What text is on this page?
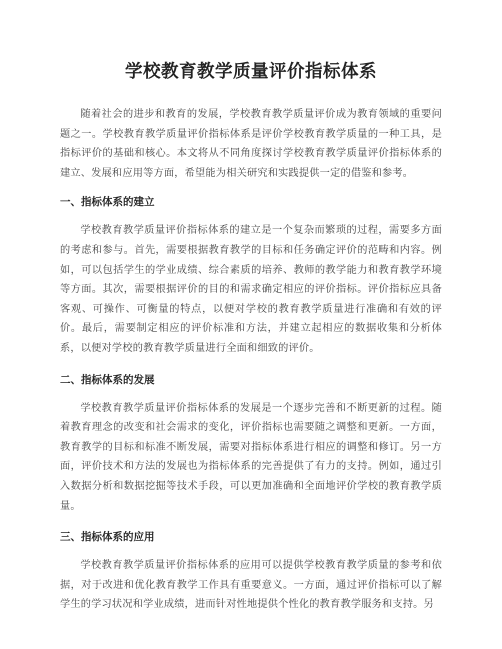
学校教育教学质量评价指标体系

随着社会的进步和教育的发展，学校教育教学质量评价成为教育领域的重要问题之一。学校教育教学质量评价指标体系是评价学校教育教学质量的一种工具，是指标评价的基础和核心。本文将从不同角度探讨学校教育教学质量评价指标体系的建立、发展和应用等方面，希望能为相关研究和实践提供一定的借鉴和参考。

一、指标体系的建立

学校教育教学质量评价指标体系的建立是一个复杂而繁琐的过程，需要多方面的考虑和参与。首先，需要根据教育教学的目标和任务确定评价的范畴和内容。例如，可以包括学生的学业成绩、综合素质的培养、教师的教学能力和教育教学环境等方面。其次，需要根据评价的目的和需求确定相应的评价指标。评价指标应具备客观、可操作、可衡量的特点，以便对学校的教育教学质量进行准确和有效的评价。最后，需要制定相应的评价标准和方法，并建立起相应的数据收集和分析体系，以便对学校的教育教学质量进行全面和细致的评价。

二、指标体系的发展

学校教育教学质量评价指标体系的发展是一个逐步完善和不断更新的过程。随着教育理念的改变和社会需求的变化，评价指标也需要随之调整和更新。一方面，教育教学的目标和标准不断发展，需要对指标体系进行相应的调整和修订。另一方面，评价技术和方法的发展也为指标体系的完善提供了有力的支持。例如，通过引入数据分析和数据挖掘等技术手段，可以更加准确和全面地评价学校的教育教学质量。

三、指标体系的应用

学校教育教学质量评价指标体系的应用可以提供学校教育教学质量的参考和依据，对于改进和优化教育教学工作具有重要意义。一方面，通过评价指标可以了解学生的学习状况和学业成绩，进而针对性地提供个性化的教育教学服务和支持。另
